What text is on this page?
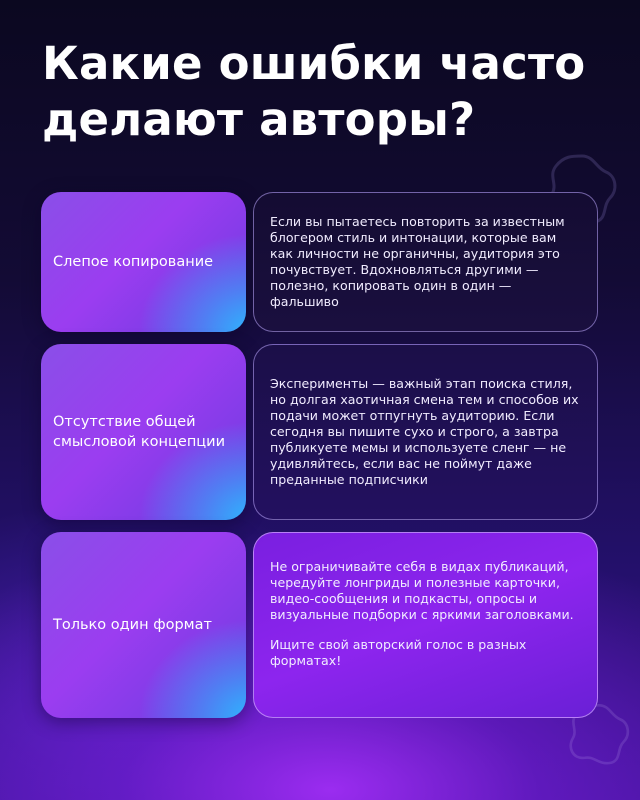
Какие ошибки часто
делают авторы?
Слепое копирование

Если вы пытаетесь повторить за известным блогером стиль и интонации, которые вам как личности не органичны, аудитория это почувствует. Вдохновляться другими — полезно, копировать один в один — фальшиво

Отсутствие общей
смысловой концепции

Эксперименты — важный этап поиска стиля, но долгая хаотичная смена тем и способов их подачи может отпугнуть аудиторию. Если сегодня вы пишите сухо и строго, а завтра публикуете мемы и используете сленг — не удивляйтесь, если вас не поймут даже преданные подписчики

Только один формат

Не ограничивайте себя в видах публикаций, чередуйте лонгриды и полезные карточки, видео-сообщения и подкасты, опросы и визуальные подборки с яркими заголовками.

Ищите свой авторский голос в разных форматах!
